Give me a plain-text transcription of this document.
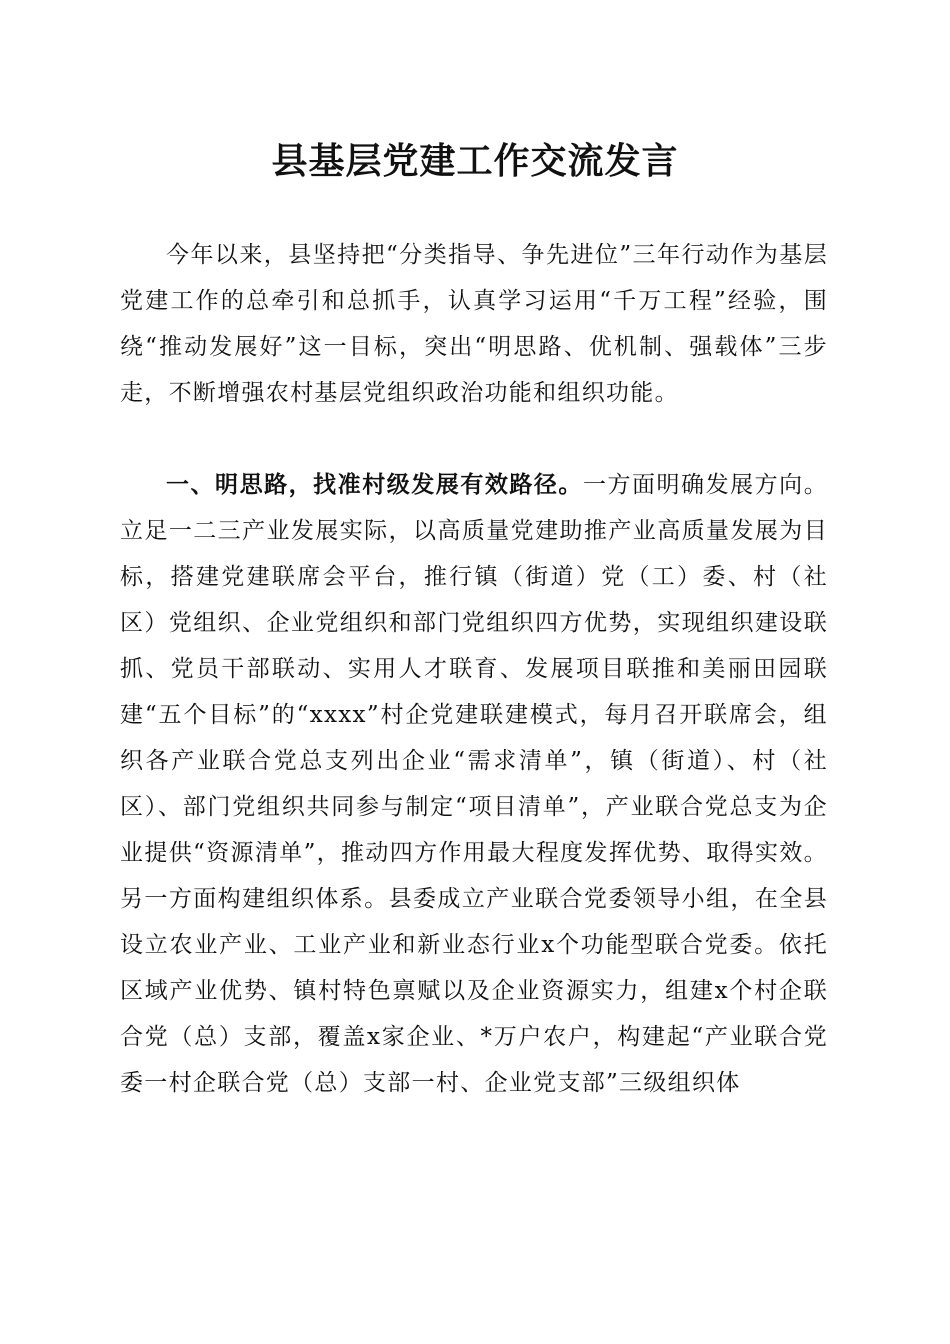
县基层党建工作交流发言

今年以来，县坚持把“分类指导、争先进位”三年行动作为基层党建工作的总牵引和总抓手，认真学习运用“千万工程”经验，围绕“推动发展好”这一目标，突出“明思路、优机制、强载体”三步走，不断增强农村基层党组织政治功能和组织功能。

一、明思路，找准村级发展有效路径。一方面明确发展方向。立足一二三产业发展实际，以高质量党建助推产业高质量发展为目标，搭建党建联席会平台，推行镇（街道）党（工）委、村（社区）党组织、企业党组织和部门党组织四方优势，实现组织建设联抓、党员干部联动、实用人才联育、发展项目联推和美丽田园联建“五个目标”的“xxxx”村企党建联建模式，每月召开联席会，组织各产业联合党总支列出企业“需求清单”，镇（街道）、村（社区）、部门党组织共同参与制定“项目清单”，产业联合党总支为企业提供“资源清单”，推动四方作用最大程度发挥优势、取得实效。另一方面构建组织体系。县委成立产业联合党委领导小组，在全县设立农业产业、工业产业和新业态行业x个功能型联合党委。依托区域产业优势、镇村特色禀赋以及企业资源实力，组建x个村企联合党（总）支部，覆盖x家企业、*万户农户，构建起“产业联合党委一村企联合党（总）支部一村、企业党支部”三级组织体
